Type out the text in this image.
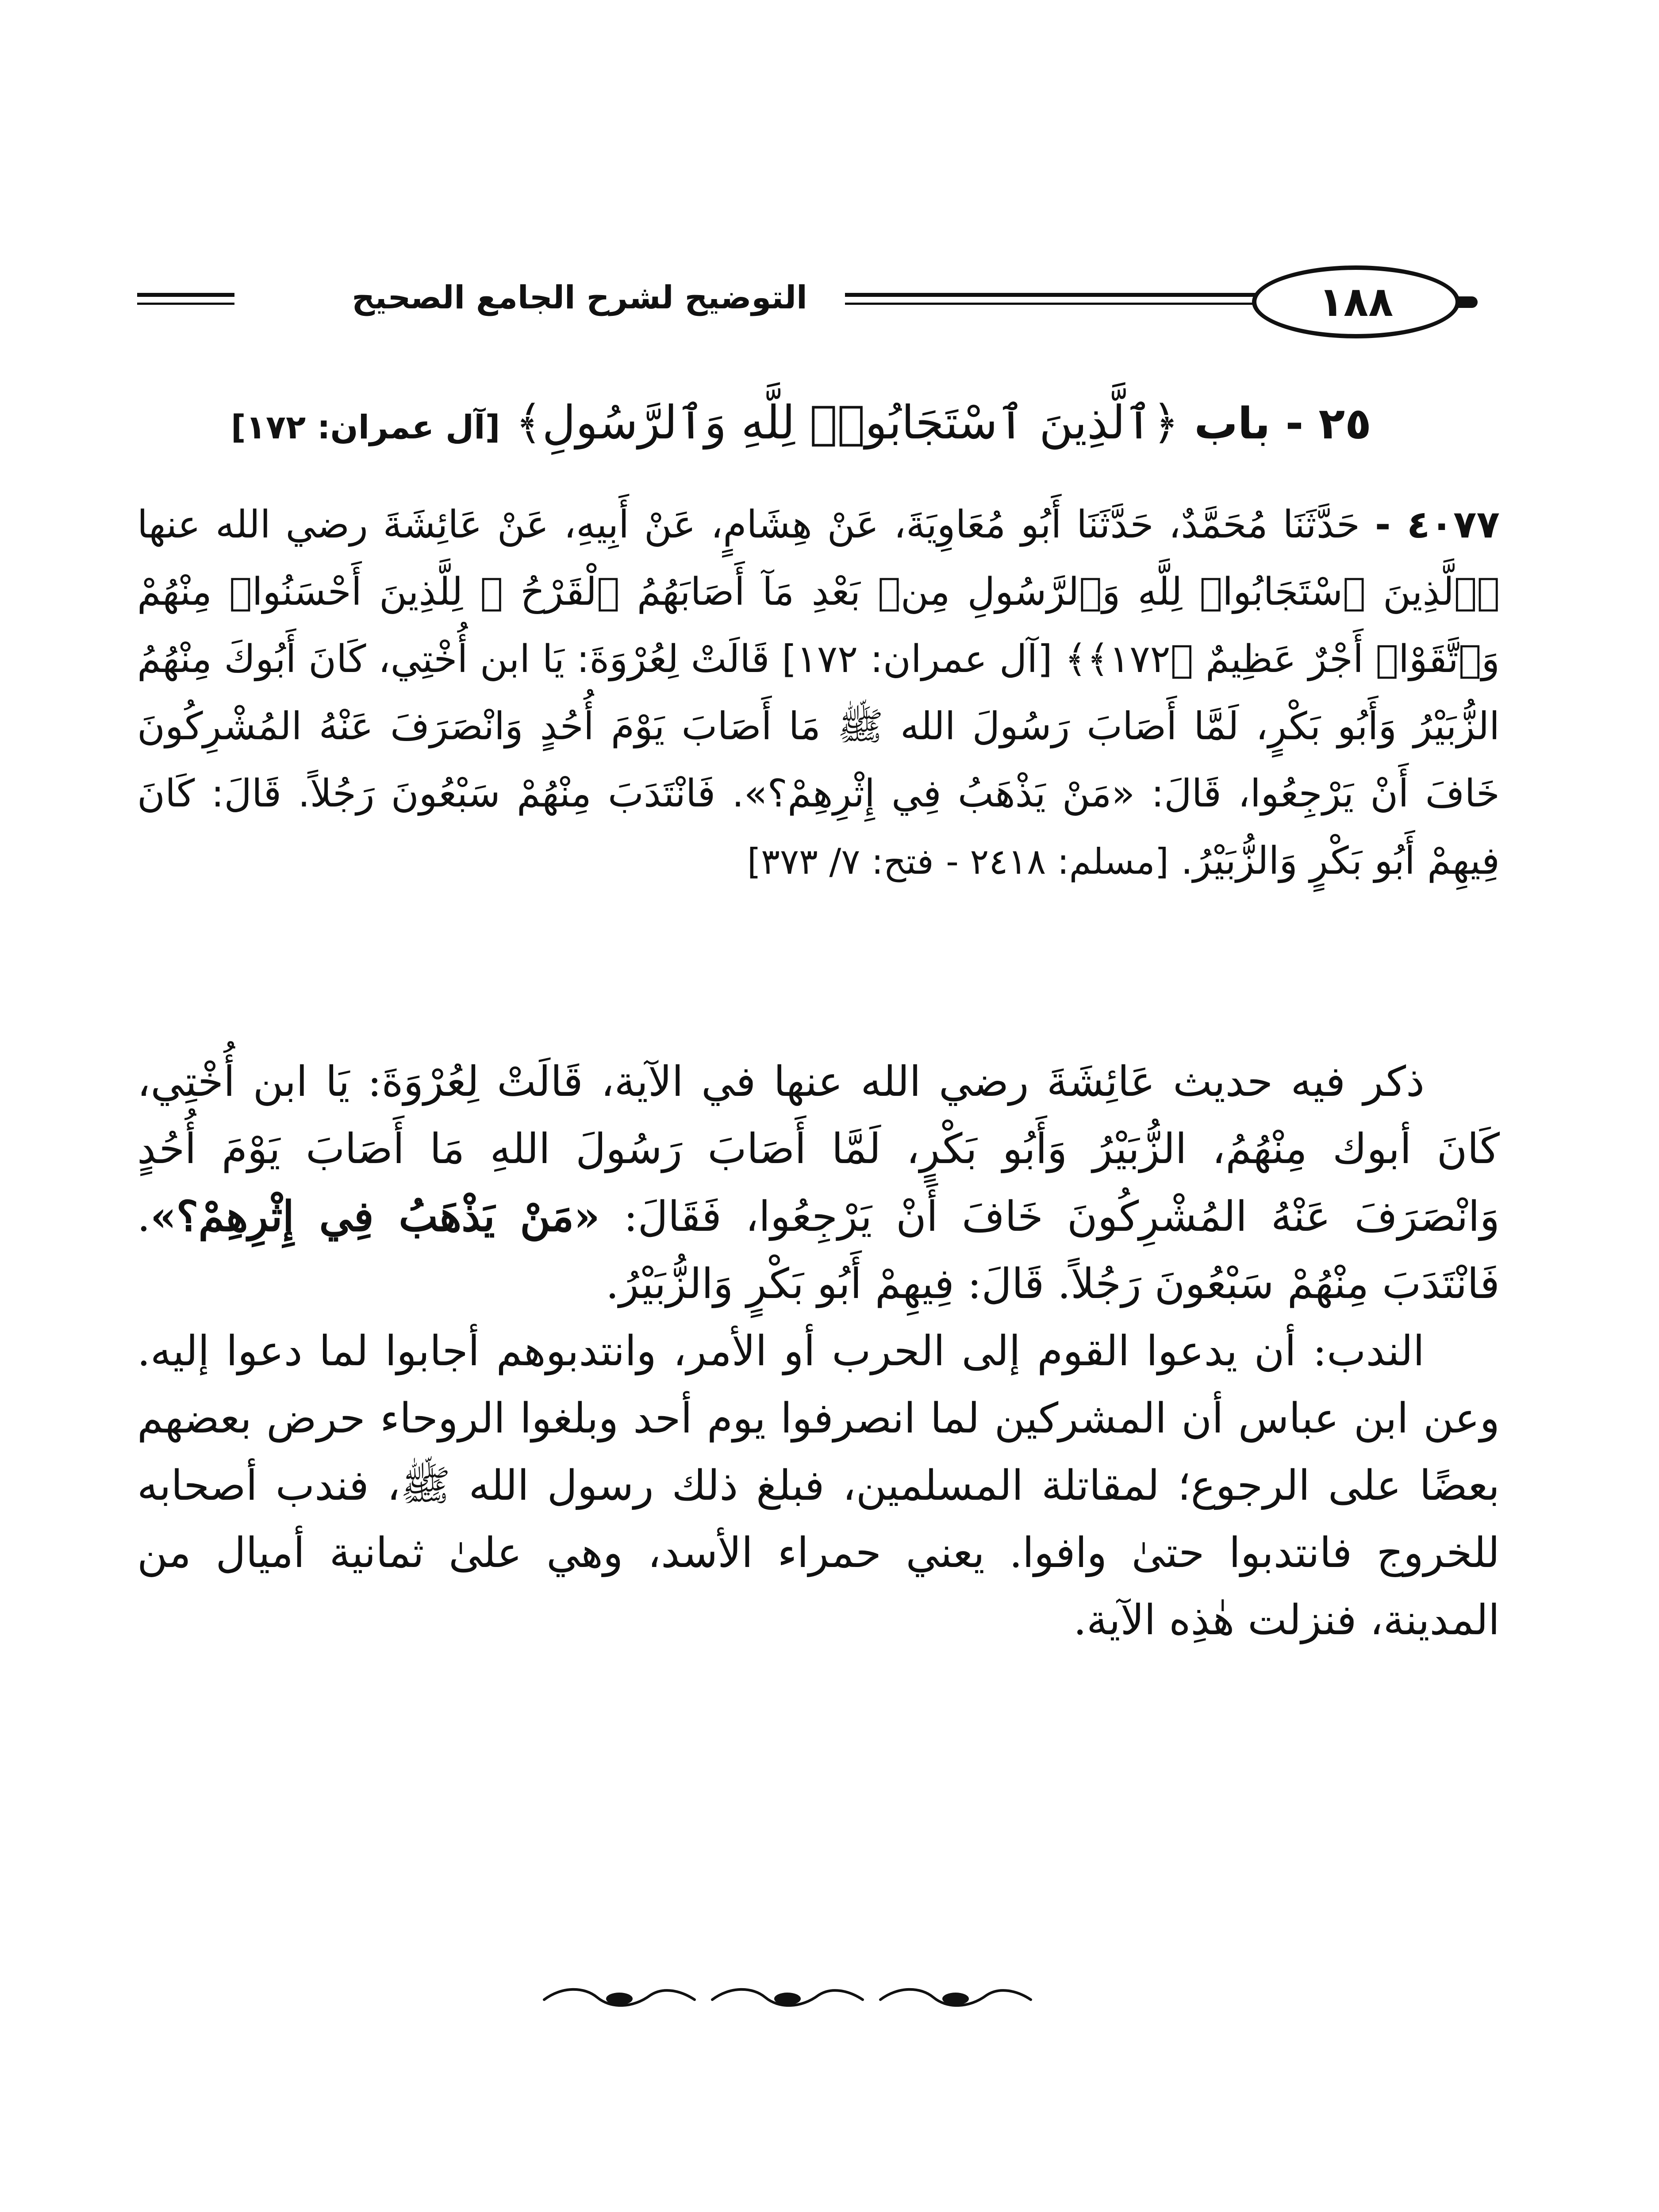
التوضيح لشرح الجامع الصحيح	١٨٨
٢٥ - باب ﴿ٱلَّذِينَ ٱسْتَجَابُوا۟ لِلَّهِ وَٱلرَّسُولِ﴾ [آل عمران: ١٧٢]
٤٠٧٧ - حَدَّثَنَا مُحَمَّدٌ، حَدَّثَنَا أَبُو مُعَاوِيَةَ، عَنْ هِشَامٍ، عَنْ أَبِيهِ، عَنْ عَائِشَةَ رضي الله عنها ﴿ٱلَّذِينَ ٱسْتَجَابُوا۟ لِلَّهِ وَٱلرَّسُولِ مِنۢ بَعْدِ مَآ أَصَابَهُمُ ٱلْقَرْحُ ۚ لِلَّذِينَ أَحْسَنُوا۟ مِنْهُمْ وَٱتَّقَوْا۟ أَجْرٌ عَظِيمٌ ﴿١٧٢﴾﴾ [آل عمران: ١٧٢] قَالَتْ لِعُرْوَةَ: يَا ابن أُخْتِي، كَانَ أَبُوكَ مِنْهُمُ الزُّبَيْرُ وَأَبُو بَكْرٍ، لَمَّا أَصَابَ رَسُولَ الله ﷺ مَا أَصَابَ يَوْمَ أُحُدٍ وَانْصَرَفَ عَنْهُ المُشْرِكُونَ خَافَ أَنْ يَرْجِعُوا، قَالَ: «مَنْ يَذْهَبُ فِي إِثْرِهِمْ؟». فَانْتَدَبَ مِنْهُمْ سَبْعُونَ رَجُلاً. قَالَ: كَانَ فِيهِمْ أَبُو بَكْرٍ وَالزُّبَيْرُ. [مسلم: ٢٤١٨ - فتح: ٧/ ٣٧٣]

ذكر فيه حديث عَائِشَةَ رضي الله عنها في الآية، قَالَتْ لِعُرْوَةَ: يَا ابن أُخْتِي، كَانَ أبوك مِنْهُمُ، الزُّبَيْرُ وَأَبُو بَكْرٍ، لَمَّا أَصَابَ رَسُولَ اللهِ مَا أَصَابَ يَوْمَ أُحُدٍ وَانْصَرَفَ عَنْهُ المُشْرِكُونَ خَافَ أَنْ يَرْجِعُوا، فَقَالَ: «مَنْ يَذْهَبُ فِي إِثْرِهِمْ؟». فَانْتَدَبَ مِنْهُمْ سَبْعُونَ رَجُلاً. قَالَ: فِيهِمْ أَبُو بَكْرٍ وَالزُّبَيْرُ.

الندب: أن يدعوا القوم إلى الحرب أو الأمر، وانتدبوهم أجابوا لما دعوا إليه. وعن ابن عباس أن المشركين لما انصرفوا يوم أحد وبلغوا الروحاء حرض بعضهم بعضًا على الرجوع؛ لمقاتلة المسلمين، فبلغ ذلك رسول الله ﷺ، فندب أصحابه للخروج فانتدبوا حتىٰ وافوا. يعني حمراء الأسد، وهي علىٰ ثمانية أميال من المدينة، فنزلت هٰذِه الآية.
